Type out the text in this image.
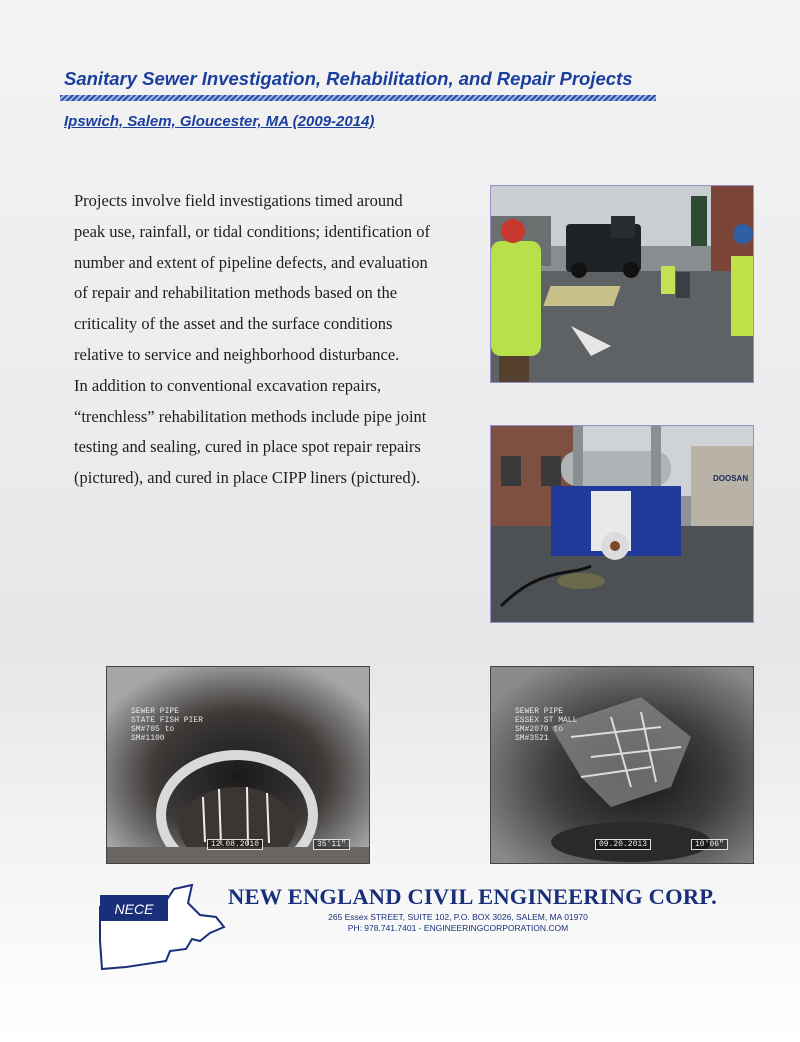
Sanitary Sewer Investigation, Rehabilitation, and Repair Projects
Ipswich, Salem, Gloucester, MA (2009-2014)

Projects involve field investigations timed around peak use, rainfall, or tidal conditions; identification of number and extent of pipeline defects, and evaluation of repair and rehabilitation methods based on the criticality of the asset and the surface conditions relative to service and neighborhood disturbance.

In addition to conventional excavation repairs, “trenchless” rehabilitation methods include pipe joint testing and sealing, cured in place spot repair repairs (pictured), and cured in place CIPP liners (pictured).	DOOSAN
SEWER PIPE
STATE FISH PIER
SM#705 to
SM#1100
12.08.2010	35'11"
SEWER PIPE
ESSEX ST MALL
SM#2070 to
SM#3521
09.20.2013	10'06"
NECE	NEW ENGLAND CIVIL ENGINEERING CORP.
265 Essex STREET, SUITE 102, P.O. BOX 3026, SALEM, MA 01970
PH: 978.741.7401 - ENGINEERINGCORPORATION.COM
